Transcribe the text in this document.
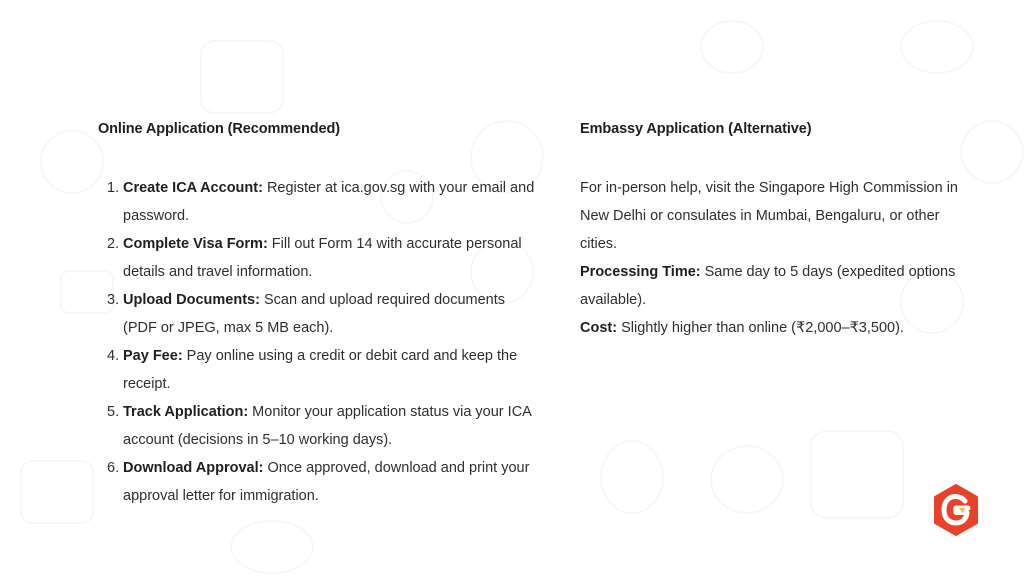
Online Application (Recommended)
1. Create ICA Account: Register at ica.gov.sg with your email and password.
2. Complete Visa Form: Fill out Form 14 with accurate personal details and travel information.
3. Upload Documents: Scan and upload required documents (PDF or JPEG, max 5 MB each).
4. Pay Fee: Pay online using a credit or debit card and keep the receipt.
5. Track Application: Monitor your application status via your ICA account (decisions in 5–10 working days).
6. Download Approval: Once approved, download and print your approval letter for immigration.
Embassy Application (Alternative)

For in-person help, visit the Singapore High Commission in New Delhi or consulates in Mumbai, Bengaluru, or other cities.

Processing Time: Same day to 5 days (expedited options available).

Cost: Slightly higher than online (₹2,000–₹3,500).
